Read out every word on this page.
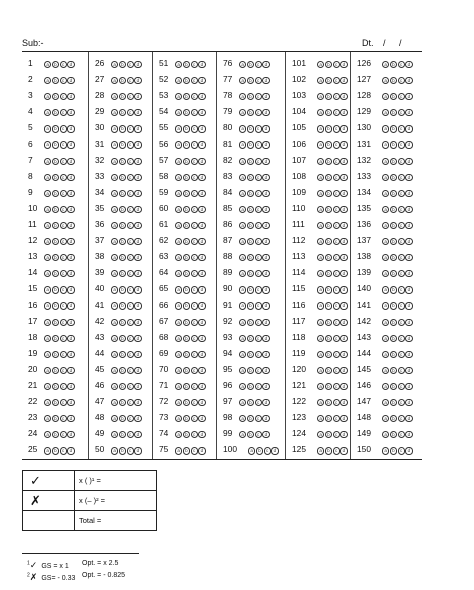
Sub:-	Dt. / /
1	a b c d
2	a b c d
3	a b c d
4	a b c d
5	a b c d
6	a b c d
7	a b c d
8	a b c d
9	a b c d
10 a b c d
11 a b c d
12 a b c d
13 a b c d
14 a b c d
15 a b c d
16 a b c d
17 a b c d
18 a b c d
19 a b c d
20 a b c d
21 a b c d
22 a b c d
23 a b c d
24 a b c d
25 a b c d
26 a b c d
27 a b c d
28 a b c d
29 a b c d
30 a b c d
31 a b c d
32 a b c d
33 a b c d
34 a b c d
35 a b c d
36 a b c d
37 a b c d
38 a b c d
39 a b c d
40 a b c d
41 a b c d
42 a b c d
43 a b c d
44 a b c d
45 a b c d
46 a b c d
47 a b c d
48 a b c d
49 a b c d
50 a b c d
51 a b c d
52 a b c d
53 a b c d
54 a b c d
55 a b c d
56 a b c d
57 a b c d
58 a b c d
59 a b c d
60 a b c d
61 a b c d
62 a b c d
63 a b c d
64 a b c d
65 a b c d
66 a b c d
67 a b c d
68 a b c d
69 a b c d
70 a b c d
71 a b c d
72 a b c d
73 a b c d
74 a b c d
75 a b c d
76 a b c d
77 a b c d
78 a b c d
79 a b c d
80 a b c d
81 a b c d
82 a b c d
83 a b c d
84 a b c d
85 a b c d
86 a b c d
87 a b c d
88 a b c d
89 a b c d
90 a b c d
91 a b c d
92 a b c d
93 a b c d
94 a b c d
95 a b c d
96 a b c d
97 a b c d
98 a b c d
99 a b c d
100	a b c d
101	a b c d
102	a b c d
103	a b c d
104	a b c d
105	a b c d
106	a b c d
107	a b c d
108	a b c d
109	a b c d
110	a b c d
111	a b c d
112	a b c d
113	a b c d
114	a b c d
115	a b c d
116	a b c d
117	a b c d
118	a b c d
119	a b c d
120	a b c d
121	a b c d
122	a b c d
123	a b c d
124	a b c d
125	a b c d
126	a b c d
127	a b c d
128	a b c d
129	a b c d
130	a b c d
131	a b c d
132	a b c d
133	a b c d
134	a b c d
135	a b c d
136	a b c d
137	a b c d
138	a b c d
139	a b c d
140	a b c d
141	a b c d
142	a b c d
143	a b c d
144	a b c d
145	a b c d
146	a b c d
147	a b c d
148	a b c d
149	a b c d
150	a b c d
✓	x ( )¹ =
✗	x (– )² =
	Total =
$^1$✓ GS = x 1 Opt. = x 2.5
$^2$✗ GS= - 0.33 Opt. = - 0.825
